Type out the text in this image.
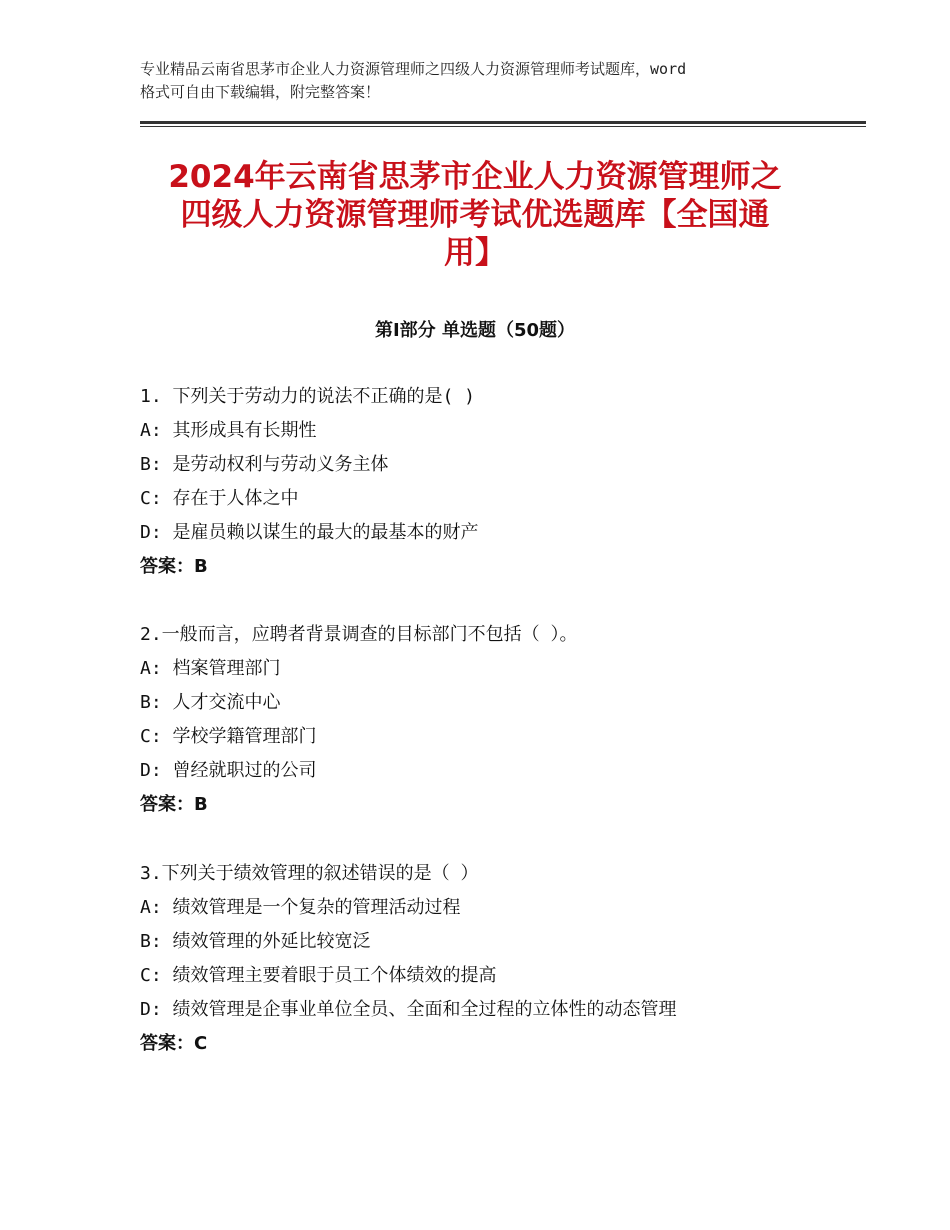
专业精品云南省思茅市企业人力资源管理师之四级人力资源管理师考试题库，word
格式可自由下载编辑，附完整答案！
2024年云南省思茅市企业人力资源管理师之
四级人力资源管理师考试优选题库【全国通
用】
第Ⅰ部分 单选题（50题）
1. 下列关于劳动力的说法不正确的是( )
A: 其形成具有长期性
B: 是劳动权利与劳动义务主体
C: 存在于人体之中
D: 是雇员赖以谋生的最大的最基本的财产
答案：B
2.一般而言，应聘者背景调查的目标部门不包括（ ）。
A: 档案管理部门
B: 人才交流中心
C: 学校学籍管理部门
D: 曾经就职过的公司
答案：B
3.下列关于绩效管理的叙述错误的是（ ）
A: 绩效管理是一个复杂的管理活动过程
B: 绩效管理的外延比较宽泛
C: 绩效管理主要着眼于员工个体绩效的提高
D: 绩效管理是企事业单位全员、全面和全过程的立体性的动态管理
答案：C
